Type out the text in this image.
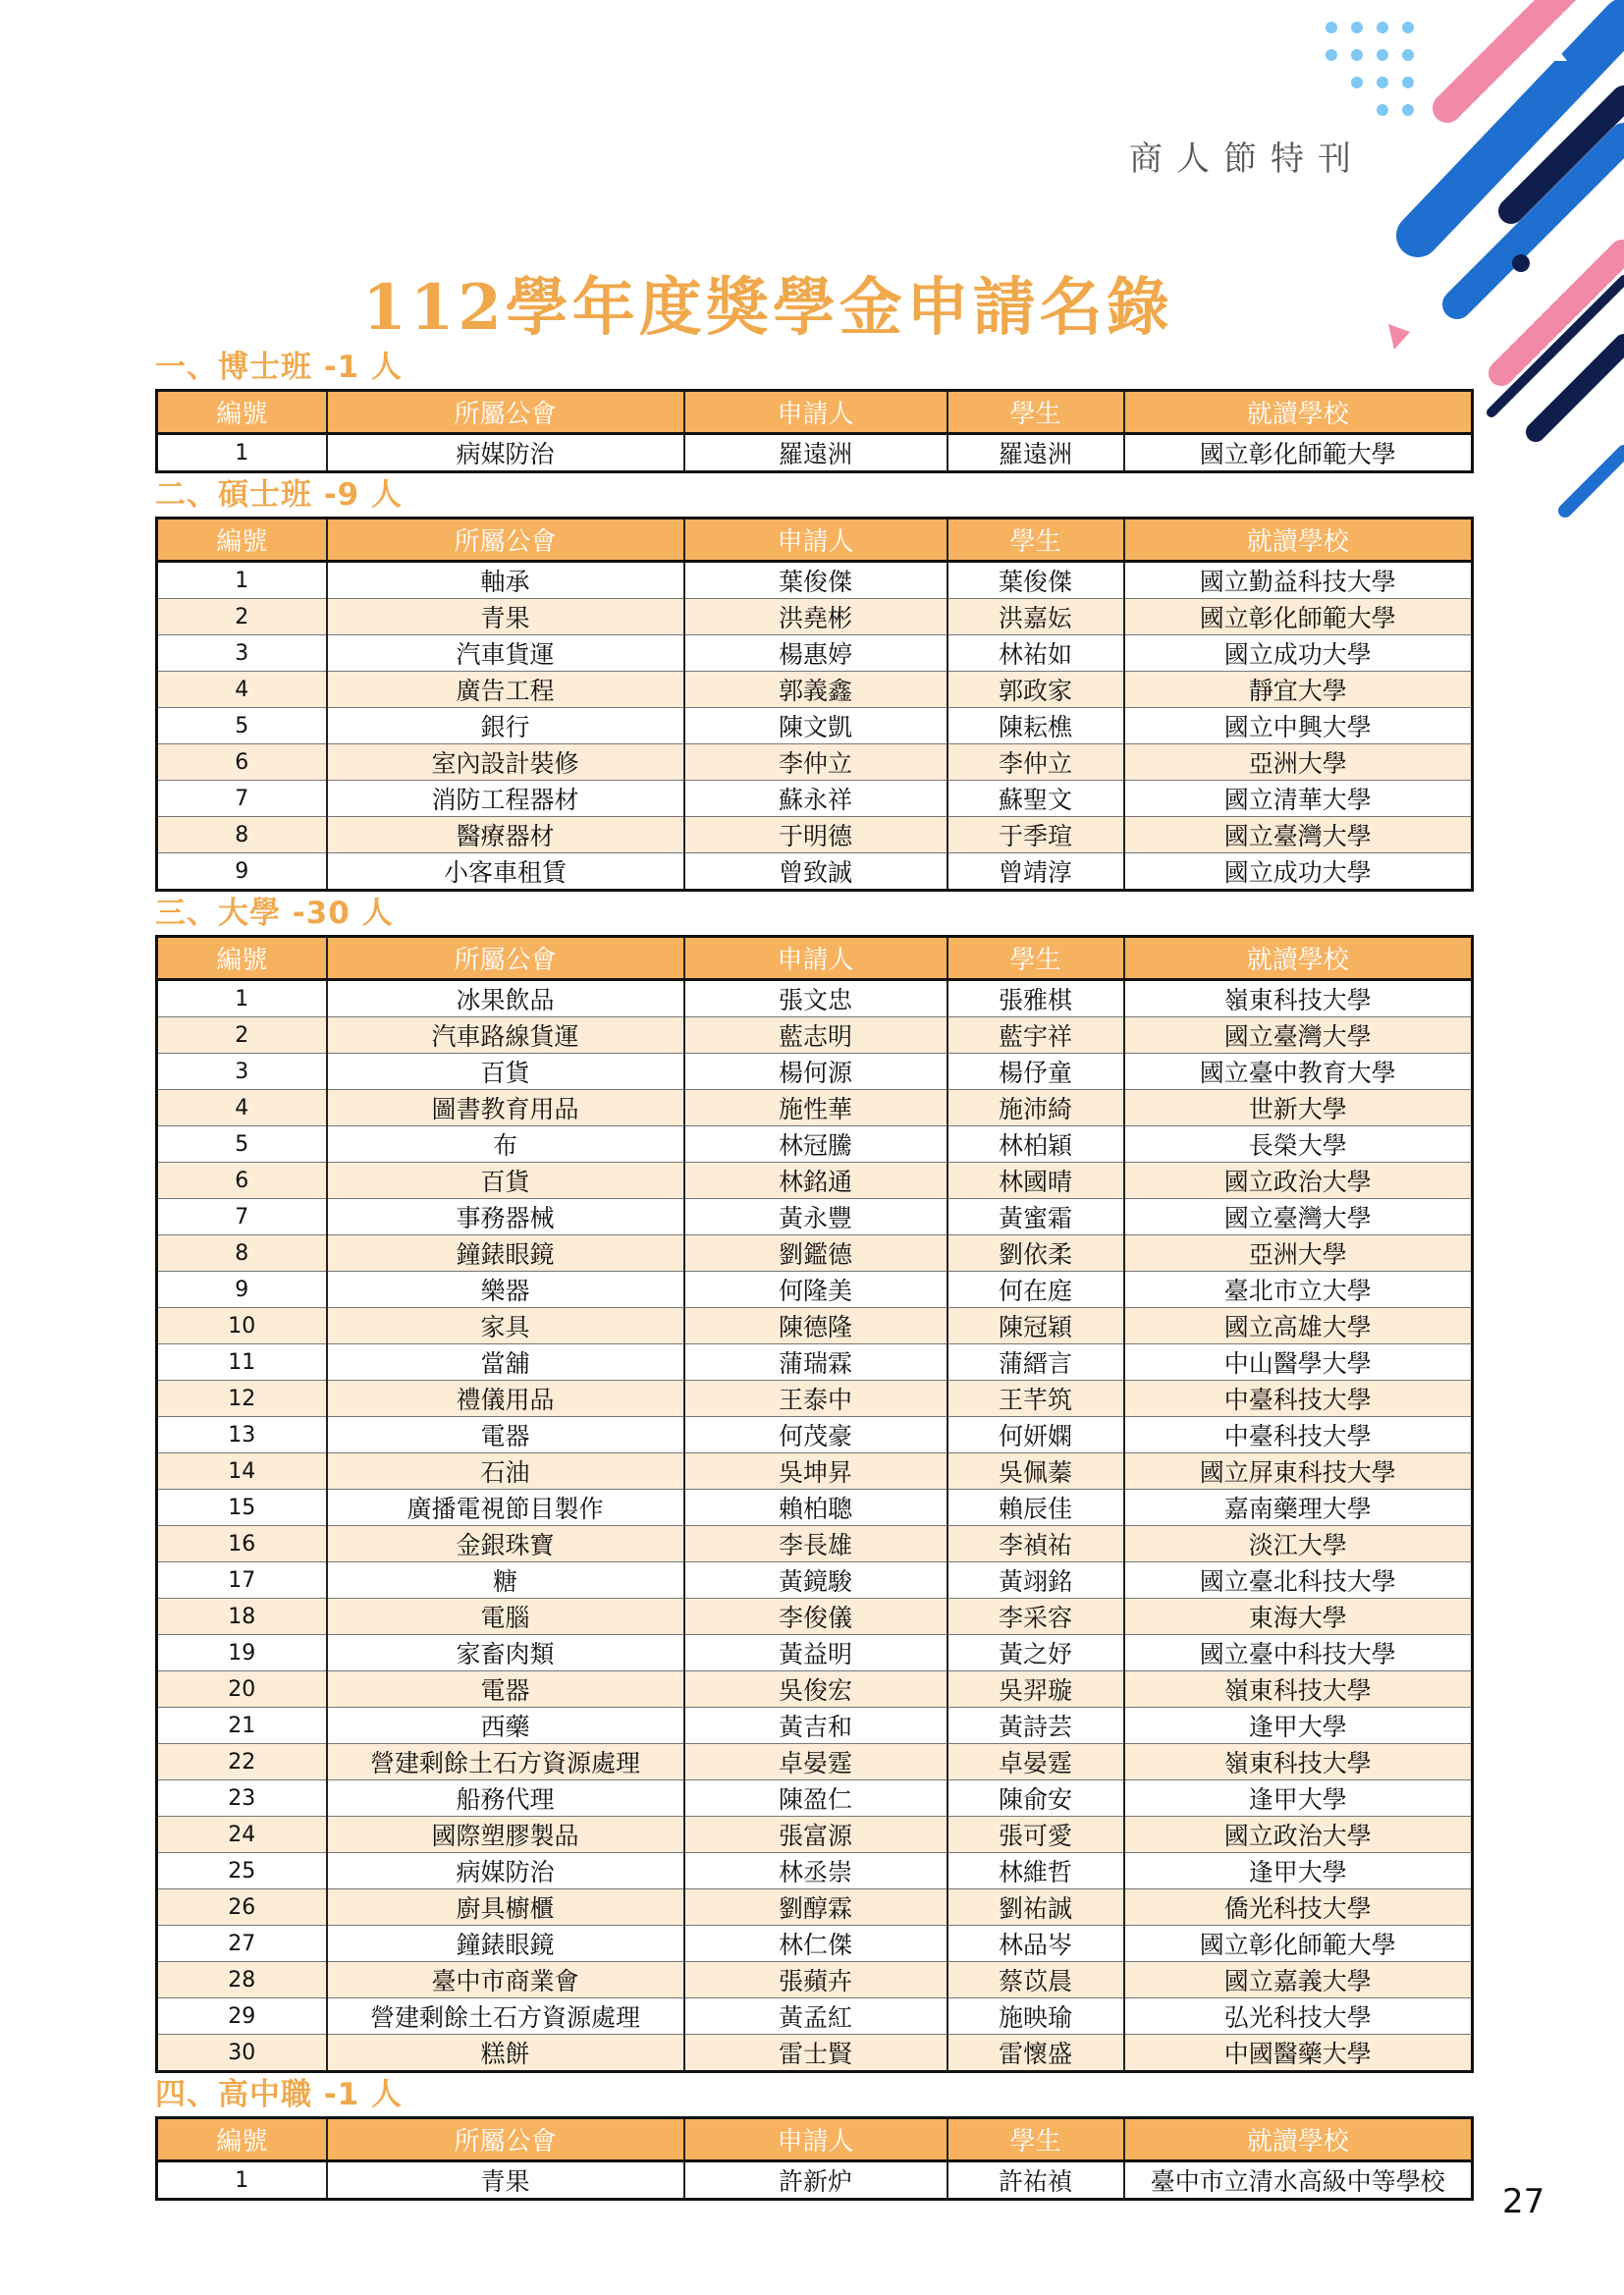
商人節特刊
112學年度獎學金申請名錄
一、博士班 -1 人
編號	所屬公會	申請人	學生	就讀學校
1	病媒防治	羅遠洲	羅遠洲	國立彰化師範大學
二、碩士班 -9 人
編號	所屬公會	申請人	學生	就讀學校
1	軸承	葉俊傑	葉俊傑	國立勤益科技大學
2	青果	洪堯彬	洪嘉妘	國立彰化師範大學
3	汽車貨運	楊惠婷	林祐如	國立成功大學
4	廣告工程	郭義鑫	郭政家	靜宜大學
5	銀行	陳文凱	陳耘樵	國立中興大學
6	室內設計裝修	李仲立	李仲立	亞洲大學
7	消防工程器材	蘇永祥	蘇聖文	國立清華大學
8	醫療器材	于明德	于季瑄	國立臺灣大學
9	小客車租賃	曾致誠	曾靖淳	國立成功大學
三、大學 -30 人
編號	所屬公會	申請人	學生	就讀學校
1	冰果飲品	張文忠	張雅棋	嶺東科技大學
2	汽車路線貨運	藍志明	藍宇祥	國立臺灣大學
3	百貨	楊何源	楊伃童	國立臺中教育大學
4	圖書教育用品	施性華	施沛綺	世新大學
5	布	林冠騰	林柏穎	長榮大學
6	百貨	林銘通	林國晴	國立政治大學
7	事務器械	黃永豐	黃蜜霜	國立臺灣大學
8	鐘錶眼鏡	劉鑑德	劉依柔	亞洲大學
9	樂器	何隆美	何在庭	臺北市立大學
10	家具	陳德隆	陳冠穎	國立高雄大學
11	當舖	蒲瑞霖	蒲縉言	中山醫學大學
12	禮儀用品	王泰中	王芊筑	中臺科技大學
13	電器	何茂豪	何妍嫻	中臺科技大學
14	石油	吳坤昇	吳佩蓁	國立屏東科技大學
15	廣播電視節目製作	賴柏聰	賴辰佳	嘉南藥理大學
16	金銀珠寶	李長雄	李禎祐	淡江大學
17	糖	黃鏡駿	黃翊銘	國立臺北科技大學
18	電腦	李俊儀	李采容	東海大學
19	家畜肉類	黃益明	黃之妤	國立臺中科技大學
20	電器	吳俊宏	吳羿璇	嶺東科技大學
21	西藥	黃吉和	黃詩芸	逢甲大學
22	營建剩餘土石方資源處理	卓晏霆	卓晏霆	嶺東科技大學
23	船務代理	陳盈仁	陳俞安	逢甲大學
24	國際塑膠製品	張富源	張可愛	國立政治大學
25	病媒防治	林丞崇	林維哲	逢甲大學
26	廚具櫥櫃	劉醇霖	劉祐誠	僑光科技大學
27	鐘錶眼鏡	林仁傑	林品岑	國立彰化師範大學
28	臺中市商業會	張蘋卉	蔡苡晨	國立嘉義大學
29	營建剩餘土石方資源處理	黃孟紅	施映瑜	弘光科技大學
30	糕餅	雷士賢	雷懷盛	中國醫藥大學
四、高中職 -1 人
編號	所屬公會	申請人	學生	就讀學校
1	青果	許新炉	許祐禎	臺中市立清水高級中等學校
27
